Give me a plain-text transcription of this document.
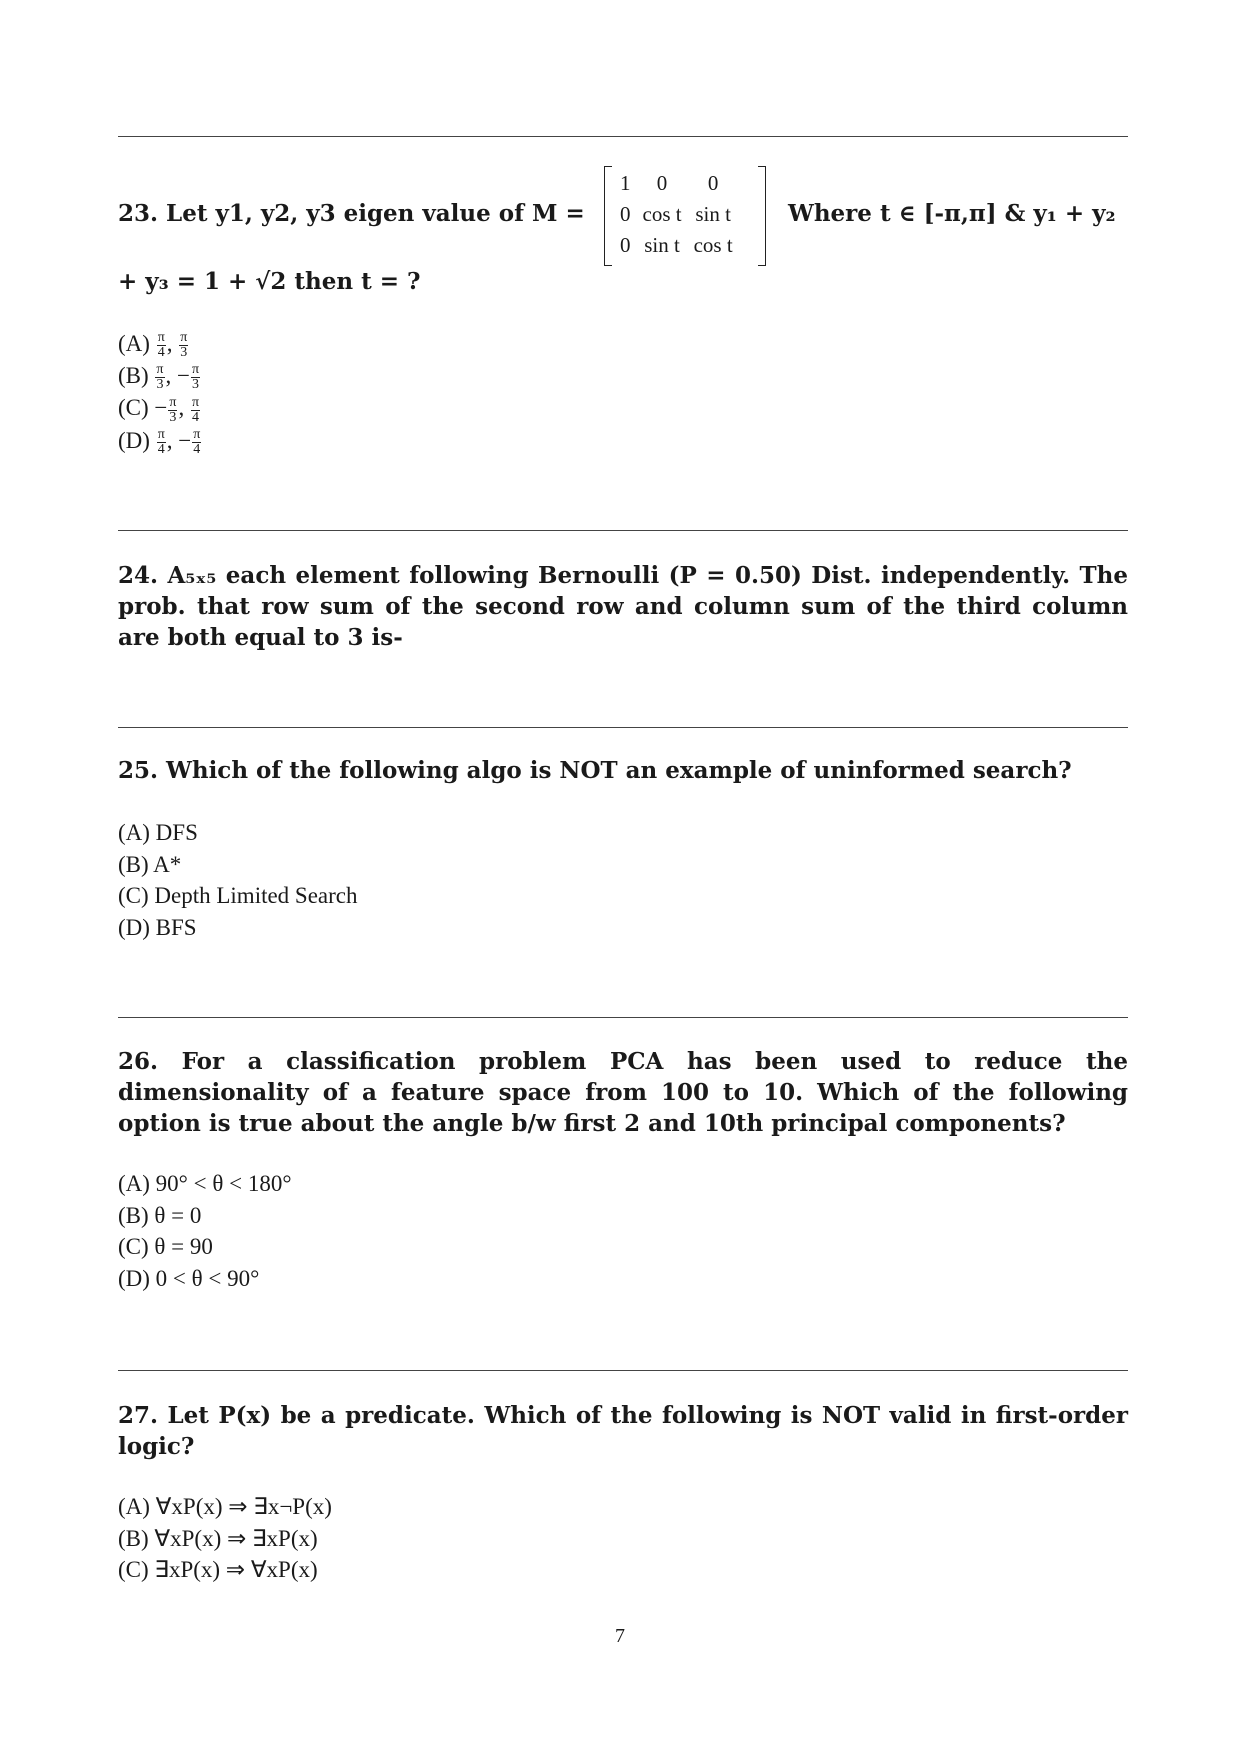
23. Let y1, y2, y3 eigen value of M =
1	0	0
0	cos t	sin t
0	sin t	cos t
Where t ∈ [-π,π] & y₁ + y₂
+ y₃ = 1 + √2 then t = ?
$(A) \frac{\pi}{4}$ , $\frac{\pi}{3}$
$(B) \frac{\pi}{3}$ , − $\frac{\pi}{3}$
$(C) - \frac{\pi}{3}$ , $\frac{\pi}{4}$
$(D) \frac{\pi}{4}$ , − $\frac{\pi}{4}$
24. A₅ₓ₅ each element following Bernoulli (P = 0.50) Dist. independently. The prob. that row sum of the second row and column sum of the third column are both equal to 3 is-
25. Which of the following algo is NOT an example of uninformed search?
(A) DFS
(B) A*
(C) Depth Limited Search
(D) BFS
26. For a classification problem PCA has been used to reduce the dimensionality of a feature space from 100 to 10. Which of the following option is true about the angle b/w first 2 and 10th principal components?
(A) 90° < θ < 180°
(B) θ = 0
(C) θ = 90
(D) 0 < θ < 90°
27. Let P(x) be a predicate. Which of the following is NOT valid in first-order logic?
(A) ∀xP(x) ⇒ ∃x¬P(x)
(B) ∀xP(x) ⇒ ∃xP(x)
(C) ∃xP(x) ⇒ ∀xP(x)
7
